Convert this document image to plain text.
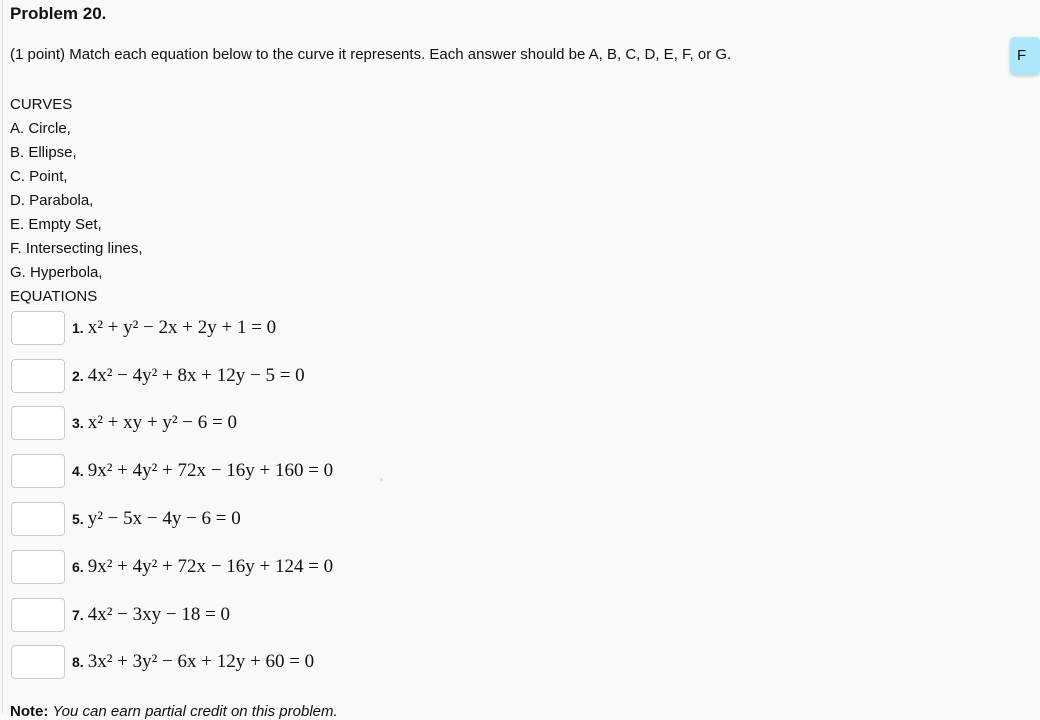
Problem 20.
(1 point) Match each equation below to the curve it represents. Each answer should be A, B, C, D, E, F, or G.	F
CURVES
A. Circle,
B. Ellipse,
C. Point,
D. Parabola,
E. Empty Set,
F. Intersecting lines,
G. Hyperbola,
EQUATIONS
1. x² + y² − 2x + 2y + 1 = 0
2. 4x² − 4y² + 8x + 12y − 5 = 0
3. x² + xy + y² − 6 = 0
4. 9x² + 4y² + 72x − 16y + 160 = 0
5. y² − 5x − 4y − 6 = 0
6. 9x² + 4y² + 72x − 16y + 124 = 0
7. 4x² − 3xy − 18 = 0
8. 3x² + 3y² − 6x + 12y + 60 = 0
Note: You can earn partial credit on this problem.
